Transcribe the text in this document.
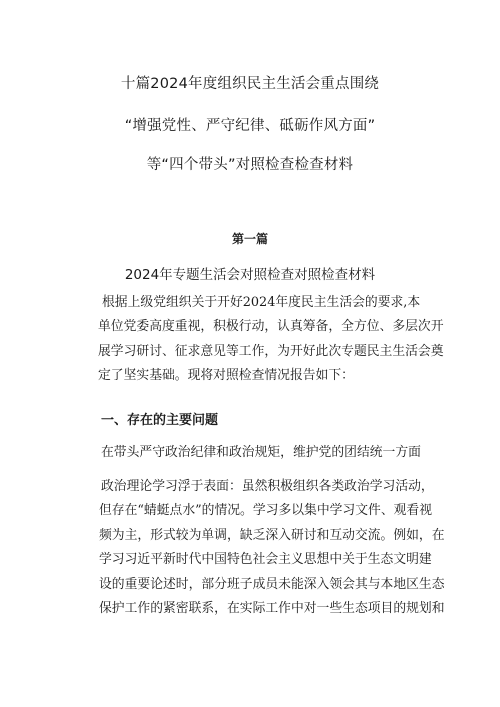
十篇2024年度组织民主生活会重点围绕
“增强党性、严守纪律、砥砺作风方面”
等“四个带头”对照检查检查材料
第一篇
2024年专题生活会对照检查对照检查材料
根据上级党组织关于开好2024年度民主生活会的要求,本
单位党委高度重视，积极行动，认真筹备，全方位、多层次开
展学习研讨、征求意见等工作，为开好此次专题民主生活会奠
定了坚实基础。现将对照检查情况报告如下：
一、存在的主要问题
在带头严守政治纪律和政治规矩，维护党的团结统一方面
政治理论学习浮于表面：虽然积极组织各类政治学习活动，
但存在“蜻蜓点水”的情况。学习多以集中学习文件、观看视
频为主，形式较为单调，缺乏深入研讨和互动交流。例如，在
学习习近平新时代中国特色社会主义思想中关于生态文明建
设的重要论述时，部分班子成员未能深入领会其与本地区生态
保护工作的紧密联系，在实际工作中对一些生态项目的规划和
